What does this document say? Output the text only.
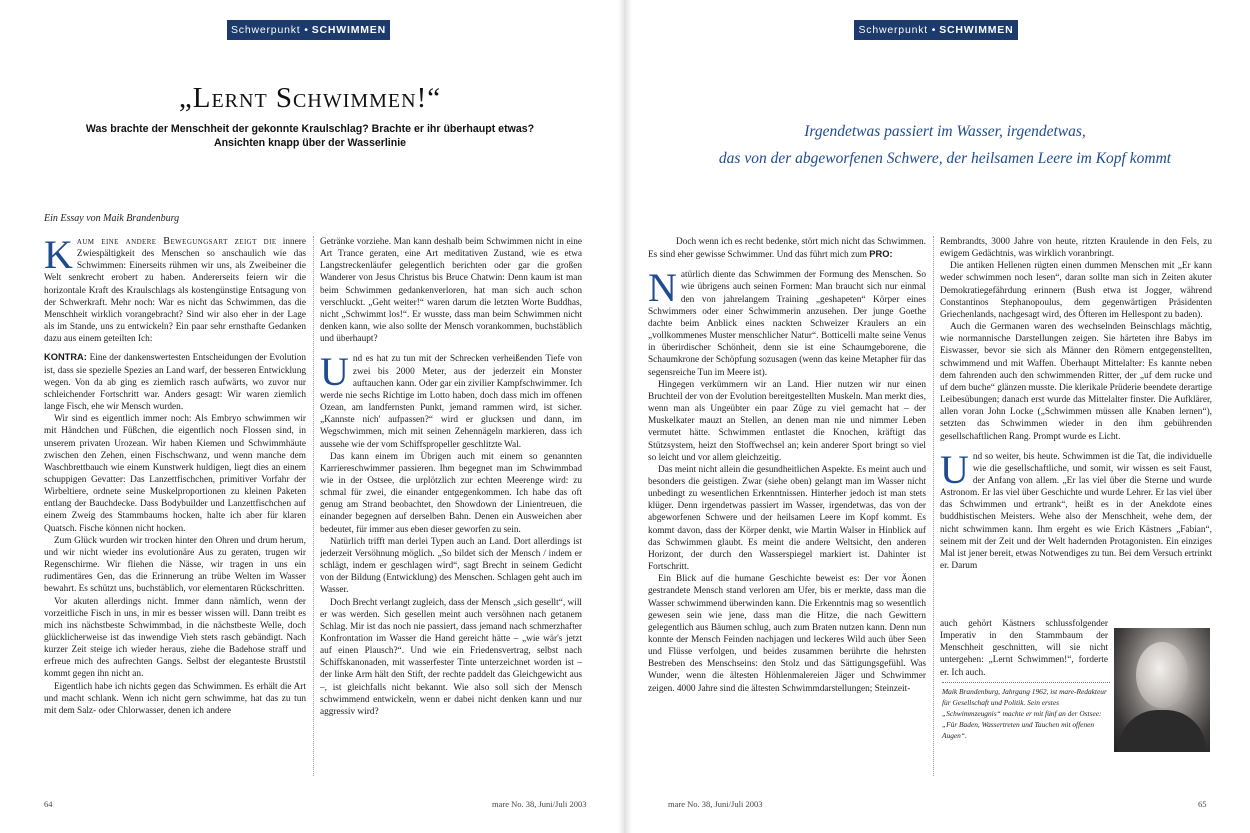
Schwerpunkt • SCHWIMMEN
„Lernt Schwimmen!“
Was brachte der Menschheit der gekonnte Kraulschlag? Brachte er ihr überhaupt etwas? Ansichten knapp über der Wasserlinie
Ein Essay von Maik Brandenburg

K aum eine andere Bewegungsart zeigt die innere Zwiespältigkeit des Menschen so anschaulich wie das Schwimmen: Einerseits rühmen wir uns, als Zweibeiner die Welt senkrecht erobert zu haben. Andererseits feiern wir die horizontale Kraft des Kraulschlags als kostengünstige Entsagung von der Schwerkraft. Mehr noch: War es nicht das Schwimmen, das die Menschheit wirklich vorangebracht? Sind wir also eher in der Lage als im Stande, uns zu entwickeln? Ein paar sehr ernsthafte Gedanken dazu aus einem geteilten Ich:

KONTRA: Eine der dankenswertesten Entscheidungen der Evolution ist, dass sie spezielle Spezies an Land warf, der besseren Entwicklung wegen. Von da ab ging es ziemlich rasch aufwärts, wo zuvor nur schleichender Fortschritt war. Anders gesagt: Wir waren ziemlich lange Fisch, ehe wir Mensch wurden.

Wir sind es eigentlich immer noch: Als Embryo schwimmen wir mit Händchen und Füßchen, die eigentlich noch Flossen sind, in unserem privaten Urozean. Wir haben Kiemen und Schwimmhäute zwischen den Zehen, einen Fischschwanz, und wenn manche dem Waschbrettbauch wie einem Kunstwerk huldigen, liegt dies an einem schuppigen Gevatter: Das Lanzettfischchen, primitiver Vorfahr der Wirbeltiere, ordnete seine Muskelproportionen zu kleinen Paketen entlang der Bauchdecke. Dass Bodybuilder und Lanzettfischchen auf einem Zweig des Stammbaums hocken, halte ich aber für klaren Quatsch. Fische können nicht hocken.

Zum Glück wurden wir trocken hinter den Ohren und drum herum, und wir nicht wieder ins evolutionäre Aus zu geraten, trugen wir Regenschirme. Wir fliehen die Nässe, wir tragen in uns ein rudimentäres Gen, das die Erinnerung an trübe Welten im Wasser bewahrt. Es schützt uns, buchstäblich, vor elementaren Rückschritten.

Vor akuten allerdings nicht. Immer dann nämlich, wenn der vorzeitliche Fisch in uns, in mir es besser wissen will. Dann treibt es mich ins nächstbeste Schwimmbad, in die nächstbeste Welle, doch glücklicherweise ist das inwendige Vieh stets rasch gebändigt. Nach kurzer Zeit steige ich wieder heraus, ziehe die Badehose straff und erfreue mich des aufrechten Gangs. Selbst der eleganteste Bruststil kommt gegen ihn nicht an.

Eigentlich habe ich nichts gegen das Schwimmen. Es erhält die Art und macht schlank. Wenn ich nicht gern schwimme, hat das zu tun mit dem Salz- oder Chlorwasser, denen ich andere

Getränke vorziehe. Man kann deshalb beim Schwimmen nicht in eine Art Trance geraten, eine Art meditativen Zustand, wie es etwa Langstreckenläufer gelegentlich berichten oder gar die großen Wanderer von Jesus Christus bis Bruce Chatwin: Denn kaum ist man beim Schwimmen gedankenverloren, hat man sich auch schon verschluckt. „Geht weiter!“ waren darum die letzten Worte Buddhas, nicht „Schwimmt los!“. Er wusste, dass man beim Schwimmen nicht denken kann, wie also sollte der Mensch vorankommen, buchstäblich und überhaupt?

Und es hat zu tun mit der Schrecken verheißenden Tiefe von zwei bis 2000 Meter, aus der jederzeit ein Monster auftauchen kann. Oder gar ein zivilier Kampfschwimmer. Ich werde nie sechs Richtige im Lotto haben, doch dass mich im offenen Ozean, am landfernsten Punkt, jemand rammen wird, ist sicher. „Kannste nich' aufpassen?“ wird er glucksen und dann, im Wegschwimmen, mich mit seinen Zehennägeln markieren, dass ich aussehe wie der vom Schiffspropeller geschlitzte Wal.

Das kann einem im Übrigen auch mit einem so genannten Karriereschwimmer passieren. Ihm begegnet man im Schwimmbad wie in der Ostsee, die urplötzlich zur echten Meerenge wird: zu schmal für zwei, die einander entgegenkommen. Ich habe das oft genug am Strand beobachtet, den Showdown der Linientreuen, die einander begegnen auf derselben Bahn. Denen ein Ausweichen aber bedeutet, für immer aus eben dieser geworfen zu sein.

Natürlich trifft man derlei Typen auch an Land. Dort allerdings ist jederzeit Versöhnung möglich. „So bildet sich der Mensch / indem er schlägt, indem er geschlagen wird“, sagt Brecht in seinem Gedicht von der Bildung (Entwicklung) des Menschen. Schlagen geht auch im Wasser.

Doch Brecht verlangt zugleich, dass der Mensch „sich gesellt“, will er was werden. Sich gesellen meint auch versöhnen nach getanem Schlag. Mir ist das noch nie passiert, dass jemand nach schmerzhafter Konfrontation im Wasser die Hand gereicht hätte – „wie wär's jetzt auf einen Plausch?“. Und wie ein Friedensvertrag, selbst nach Schiffskanonaden, mit wasserfester Tinte unterzeichnet worden ist – der linke Arm hält den Stift, der rechte paddelt das Gleichgewicht aus –, ist gleichfalls nicht bekannt. Wie also soll sich der Mensch schwimmend entwickeln, wenn er dabei nicht denken kann und nur aggressiv wird?

64	mare No. 38, Juni/Juli 2003
Schwerpunkt • SCHWIMMEN
Irgendetwas passiert im Wasser, irgendetwas,
das von der abgeworfenen Schwere, der heilsamen Leere im Kopf kommt

Doch wenn ich es recht bedenke, stört mich nicht das Schwimmen. Es sind eher gewisse Schwimmer. Und das führt mich zum PRO:

Natürlich diente das Schwimmen der Formung des Menschen. So wie übrigens auch seinen Formen: Man braucht sich nur einmal den von jahrelangem Training „geshapeten“ Körper eines Schwimmers oder einer Schwimmerin anzusehen. Der junge Goethe dachte beim Anblick eines nackten Schweizer Kraulers an ein „vollkommenes Muster menschlicher Natur“. Botticelli malte seine Venus in überirdischer Schönheit, denn sie ist eine Schaumgeborene, die Schaumkrone der Schöpfung sozusagen (wenn das keine Metapher für das segensreiche Tun im Meere ist).

Hingegen verkümmern wir an Land. Hier nutzen wir nur einen Bruchteil der von der Evolution bereitgestellten Muskeln. Man merkt dies, wenn man als Ungeübter ein paar Züge zu viel gemacht hat – der Muskelkater mauzt an Stellen, an denen man nie und nimmer Leben vermutet hätte. Schwimmen entlastet die Knochen, kräftigt das Stützsystem, heizt den Stoffwechsel an; kein anderer Sport bringt so viel so leicht und vor allem gleichzeitig.

Das meint nicht allein die gesundheitlichen Aspekte. Es meint auch und besonders die geistigen. Zwar (siehe oben) gelangt man im Wasser nicht unbedingt zu wesentlichen Erkenntnissen. Hinterher jedoch ist man stets klüger. Denn irgendetwas passiert im Wasser, irgendetwas, das von der abgeworfenen Schwere und der heilsamen Leere im Kopf kommt. Es kommt davon, dass der Körper denkt, wie Martin Walser in Hinblick auf das Schwimmen glaubt. Es meint die andere Weltsicht, den anderen Horizont, der durch den Wasserspiegel markiert ist. Dahinter ist Fortschritt.

Ein Blick auf die humane Geschichte beweist es: Der vor Äonen gestrandete Mensch stand verloren am Ufer, bis er merkte, dass man die Wasser schwimmend überwinden kann. Die Erkenntnis mag so wesentlich gewesen sein wie jene, dass man die Hitze, die nach Gewittern gelegentlich aus Bäumen schlug, auch zum Braten nutzen kann. Denn nun konnte der Mensch Feinden nachjagen und leckeres Wild auch über Seen und Flüsse verfolgen, und beides zusammen berührte die hehrsten Bestreben des Menschseins: den Stolz und das Sättigungsgefühl. Was Wunder, wenn die ältesten Höhlenmalereien Jäger und Schwimmer zeigen. 4000 Jahre sind die ältesten Schwimmdarstellungen; Steinzeit-

Rembrandts, 3000 Jahre von heute, ritzten Kraulende in den Fels, zu ewigem Gedächtnis, was wirklich voranbringt.

Die antiken Hellenen rügten einen dummen Menschen mit „Er kann weder schwimmen noch lesen“, daran sollte man sich in Zeiten akuter Demokratiegefährdung erinnern (Bush etwa ist Jogger, während Constantinos Stephanopoulus, dem gegenwärtigen Präsidenten Griechenlands, nachgesagt wird, des Öfteren im Hellespont zu baden).

Auch die Germanen waren des wechselnden Beinschlags mächtig, wie normannische Darstellungen zeigen. Sie härteten ihre Babys im Eiswasser, bevor sie sich als Männer den Römern entgegenstellten, schwimmend und mit Waffen. Überhaupt Mittelalter: Es kannte neben dem fahrenden auch den schwimmenden Ritter, der „uf dem rucke und uf dem buche“ glänzen musste. Die klerikale Prüderie beendete derartige Leibesübungen; danach erst wurde das Mittelalter finster. Die Aufklärer, allen voran John Locke („Schwimmen müssen alle Knaben lernen“), setzten das Schwimmen wieder in den ihm gebührenden gesellschaftlichen Rang. Prompt wurde es Licht.

Und so weiter, bis heute. Schwimmen ist die Tat, die individuelle wie die gesellschaftliche, und somit, wir wissen es seit Faust, der Anfang von allem. „Er las viel über die Sterne und wurde Astronom. Er las viel über Geschichte und wurde Lehrer. Er las viel über das Schwimmen und ertrank“, heißt es in der Anekdote eines buddhistischen Meisters. Wehe also der Menschheit, wehe dem, der nicht schwimmen kann. Ihm ergeht es wie Erich Kästners „Fabian“, seinem mit der Zeit und der Welt hadernden Protagonisten. Ein einziges Mal ist jener bereit, etwas Notwendiges zu tun. Bei dem Versuch ertrinkt er. Darum

auch gehört Kästners schlussfolgender Imperativ in den Stammbaum der Menschheit geschnitten, will sie nicht untergehen: „Lernt Schwimmen!“, forderte er. Ich auch.

Maik Brandenburg, Jahrgang 1962, ist mare-Redakteur für Gesellschaft und Politik. Sein erstes „Schwimmzeugnis“ machte er mit fünf an der Ostsee: „Für Baden, Wassertreten und Tauchen mit offenen Augen“.
mare No. 38, Juni/Juli 2003	65
